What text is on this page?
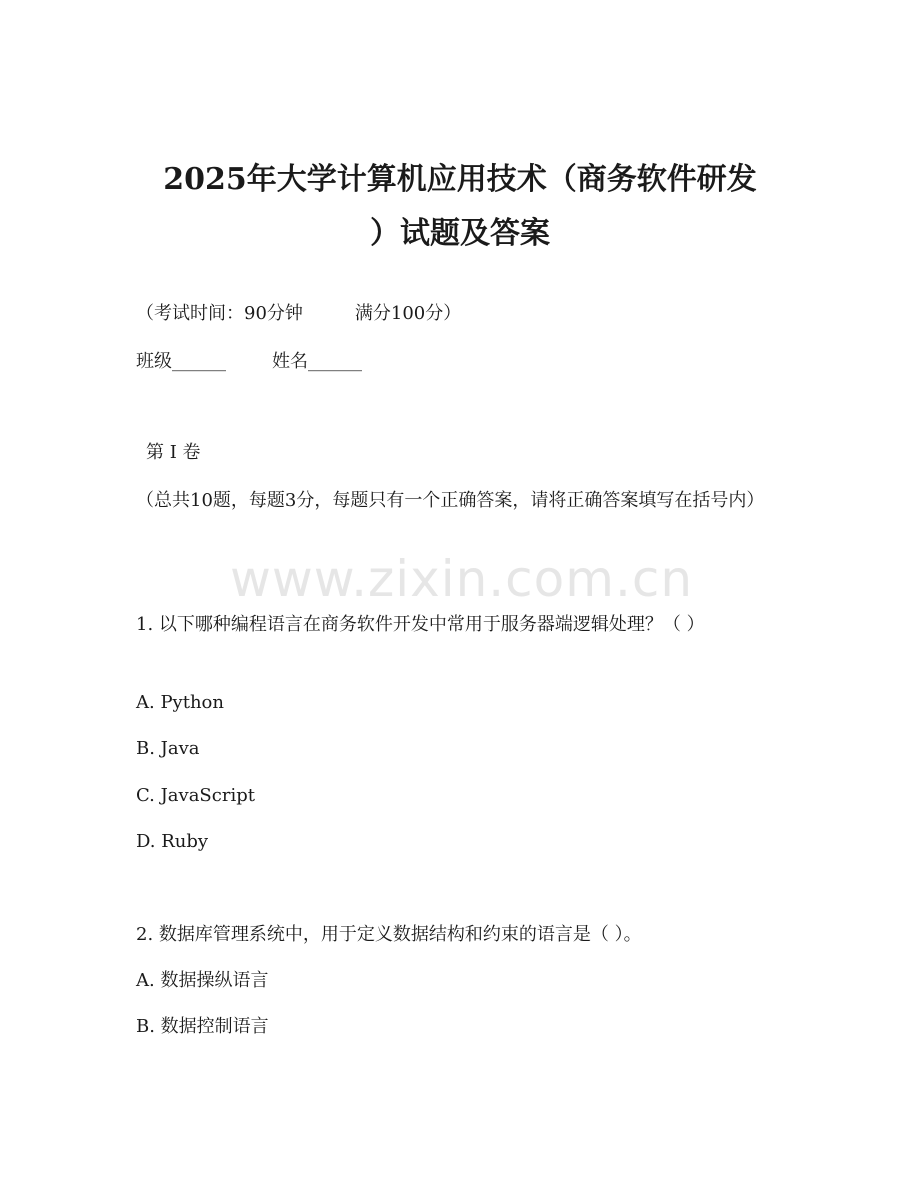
2025年大学计算机应用技术（商务软件研发
）试题及答案
（考试时间：90分钟	满分100分）
班级______	姓名______
第 I 卷
（总共10题，每题3分，每题只有一个正确答案，请将正确答案填写在括号内）
www.zixin.com.cn
1. 以下哪种编程语言在商务软件开发中常用于服务器端逻辑处理？（ ）
A. Python
B. Java
C. JavaScript
D. Ruby
2. 数据库管理系统中，用于定义数据结构和约束的语言是（ ）。
A. 数据操纵语言
B. 数据控制语言
